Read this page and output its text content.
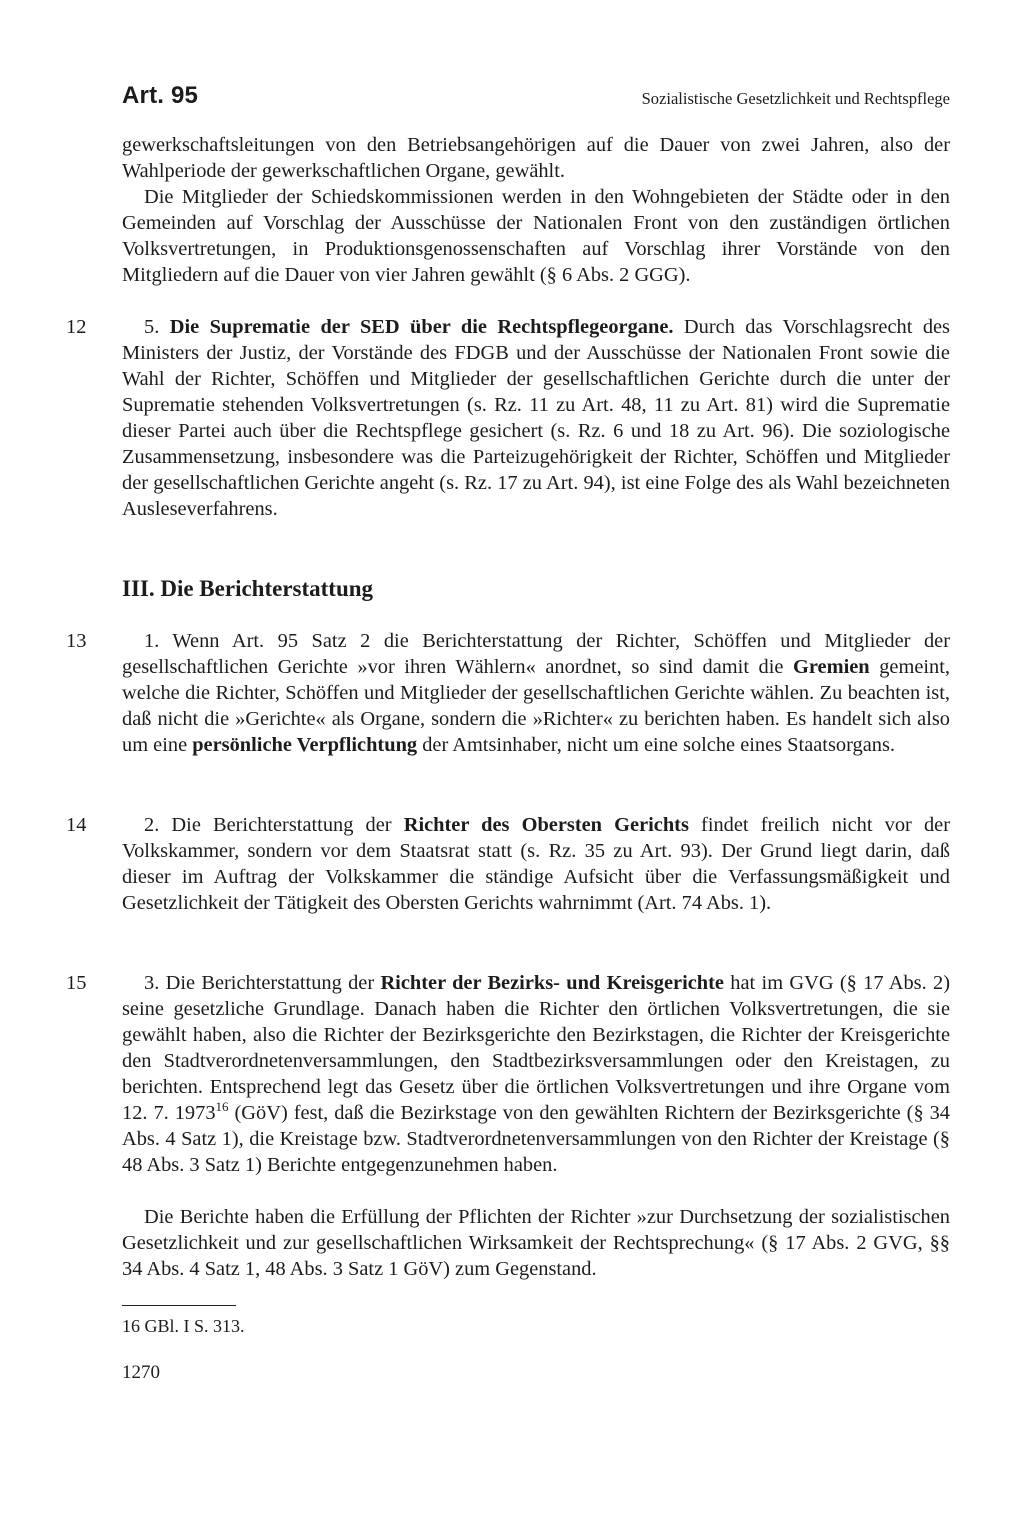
Art. 95	Sozialistische Gesetzlichkeit und Rechtspflege

gewerkschaftsleitungen von den Betriebsangehörigen auf die Dauer von zwei Jahren, also der Wahlperiode der gewerkschaftlichen Organe, gewählt.

Die Mitglieder der Schiedskommissionen werden in den Wohngebieten der Städte oder in den Gemeinden auf Vorschlag der Ausschüsse der Nationalen Front von den zuständigen örtlichen Volksvertretungen, in Produktionsgenossenschaften auf Vorschlag ihrer Vorstände von den Mitgliedern auf die Dauer von vier Jahren gewählt (§ 6 Abs. 2 GGG).

12	5. Die Suprematie der SED über die Rechtspflegeorgane. Durch das Vorschlagsrecht des Ministers der Justiz, der Vorstände des FDGB und der Ausschüsse der Nationalen Front sowie die Wahl der Richter, Schöffen und Mitglieder der gesellschaftlichen Gerichte durch die unter der Suprematie stehenden Volksvertretungen (s. Rz. 11 zu Art. 48, 11 zu Art. 81) wird die Suprematie dieser Partei auch über die Rechtspflege gesichert (s. Rz. 6 und 18 zu Art. 96). Die soziologische Zusammensetzung, insbesondere was die Parteizugehörigkeit der Richter, Schöffen und Mitglieder der gesellschaftlichen Gerichte angeht (s. Rz. 17 zu Art. 94), ist eine Folge des als Wahl bezeichneten Ausleseverfahrens.

III. Die Berichterstattung
13	1. Wenn Art. 95 Satz 2 die Berichterstattung der Richter, Schöffen und Mitglieder der gesellschaftlichen Gerichte »vor ihren Wählern« anordnet, so sind damit die Gremien gemeint, welche die Richter, Schöffen und Mitglieder der gesellschaftlichen Gerichte wählen. Zu beachten ist, daß nicht die »Gerichte« als Organe, sondern die »Richter« zu berichten haben. Es handelt sich also um eine persönliche Verpflichtung der Amtsinhaber, nicht um eine solche eines Staatsorgans.

14	2. Die Berichterstattung der Richter des Obersten Gerichts findet freilich nicht vor der Volkskammer, sondern vor dem Staatsrat statt (s. Rz. 35 zu Art. 93). Der Grund liegt darin, daß dieser im Auftrag der Volkskammer die ständige Aufsicht über die Verfassungsmäßigkeit und Gesetzlichkeit der Tätigkeit des Obersten Gerichts wahrnimmt (Art. 74 Abs. 1).

15	3. Die Berichterstattung der Richter der Bezirks- und Kreisgerichte hat im GVG (§ 17 Abs. 2) seine gesetzliche Grundlage. Danach haben die Richter den örtlichen Volksvertretungen, die sie gewählt haben, also die Richter der Bezirksgerichte den Bezirkstagen, die Richter der Kreisgerichte den Stadtverordnetenversammlungen, den Stadtbezirksversammlungen oder den Kreistagen, zu berichten. Entsprechend legt das Gesetz über die örtlichen Volksvertretungen und ihre Organe vom 12. 7. 1973$^{16}$ (GöV) fest, daß die Bezirkstage von den gewählten Richtern der Bezirksgerichte (§ 34 Abs. 4 Satz 1), die Kreistage bzw. Stadtverordnetenversammlungen von den Richter der Kreistage (§ 48 Abs. 3 Satz 1) Berichte entgegenzunehmen haben.

Die Berichte haben die Erfüllung der Pflichten der Richter »zur Durchsetzung der sozialistischen Gesetzlichkeit und zur gesellschaftlichen Wirksamkeit der Rechtsprechung« (§ 17 Abs. 2 GVG, §§ 34 Abs. 4 Satz 1, 48 Abs. 3 Satz 1 GöV) zum Gegenstand.

16 GBl. I S. 313.
1270
